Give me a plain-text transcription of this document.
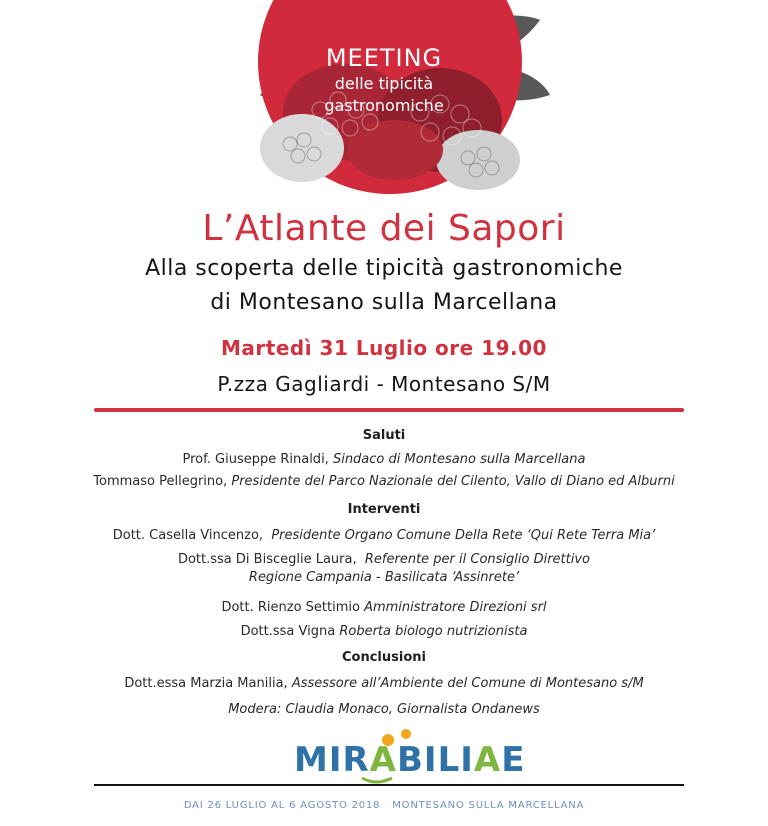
MEETING
delle tipicità
gastronomiche
L’Atlante dei Sapori
Alla scoperta delle tipicità gastronomiche
di Montesano sulla Marcellana
Martedì 31 Luglio ore 19.00
P.zza Gagliardi - Montesano S/M
Saluti
Prof. Giuseppe Rinaldi, Sindaco di Montesano sulla Marcellana
Tommaso Pellegrino, Presidente del Parco Nazionale del Cilento, Vallo di Diano ed Alburni
Interventi
Dott. Casella Vincenzo, Presidente Organo Comune Della Rete ‘Qui Rete Terra Mia’
Dott.ssa Di Bisceglie Laura, Referente per il Consiglio Direttivo
Regione Campania - Basilicata ‘Assinrete’
Dott. Rienzo Settimio Amministratore Direzioni srl
Dott.ssa Vigna Roberta biologo nutrizionista
Conclusioni
Dott.essa Marzia Manilia, Assessore all’Ambiente del Comune di Montesano s/M
Modera: Claudia Monaco, Giornalista Ondanews
MIRABILIAE
DAI 26 LUGLIO AL 6 AGOSTO 2018 MONTESANO SULLA MARCELLANA
